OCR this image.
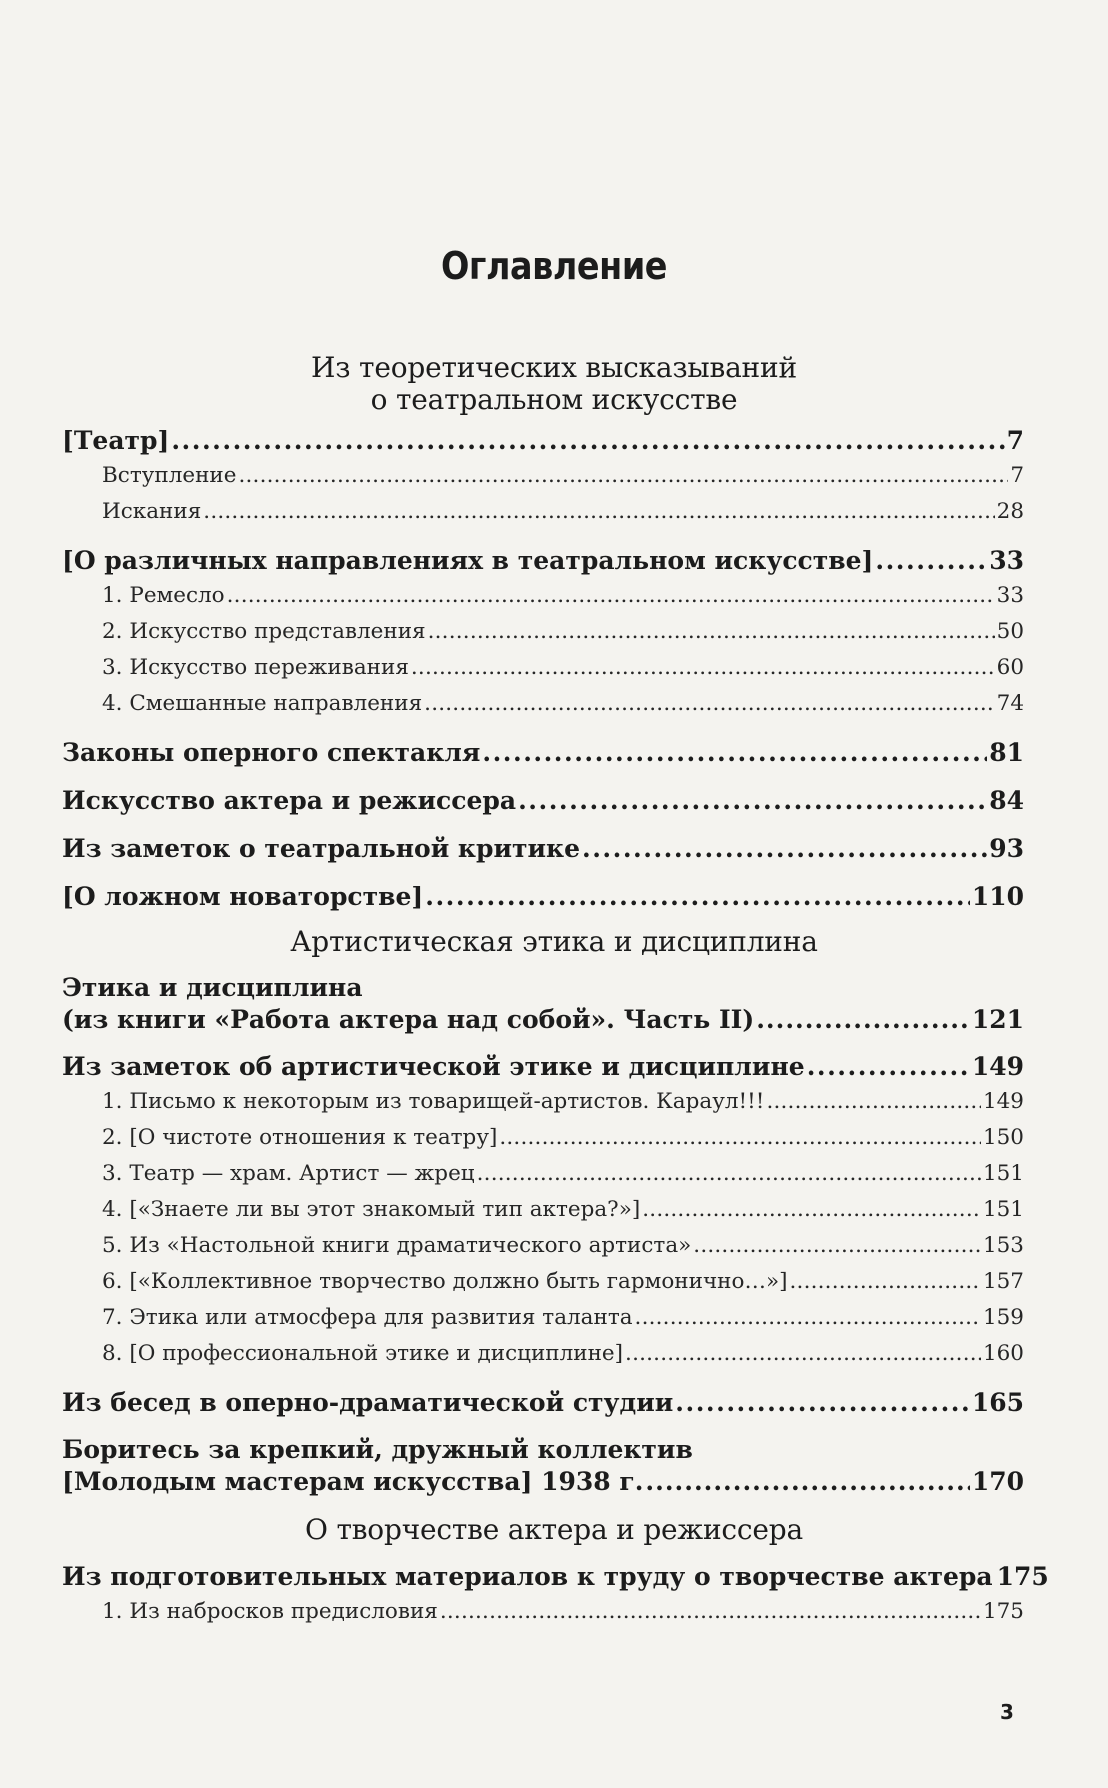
Оглавление
Из теоретических высказываний
о театральном искусстве
[Театр] .....	7
Вступление .....	7
Искания .....	28
[О различных направлениях в театральном искусстве] .....	33
1. Ремесло .....	33
2. Искусство представления .....	50
3. Искусство переживания .....	60
4. Смешанные направления .....	74
Законы оперного спектакля .....	81
Искусство актера и режиссера .....	84
Из заметок о театральной критике .....	93
[О ложном новаторстве] .....	110
Артистическая этика и дисциплина
Этика и дисциплина
(из книги «Работа актера над собой». Часть II) .....	121
Из заметок об артистической этике и дисциплине .....	149
1. Письмо к некоторым из товарищей-артистов. Караул!!! .....	149
2. [О чистоте отношения к театру] .....	150
3. Театр — храм. Артист — жрец .....	151
4. [«Знаете ли вы этот знакомый тип актера?»] .....	151
5. Из «Настольной книги драматического артиста» .....	153
6. [«Коллективное творчество должно быть гармонично…»] .....	157
7. Этика или атмосфера для развития таланта .....	159
8. [О профессиональной этике и дисциплине] .....	160
Из бесед в оперно-драматической студии .....	165
Боритесь за крепкий, дружный коллектив
[Молодым мастерам искусства] 1938 г. .....	170
О творчестве актера и режиссера
Из подготовительных материалов к труду о творчестве актера 175
1. Из набросков предисловия .....	175
3
